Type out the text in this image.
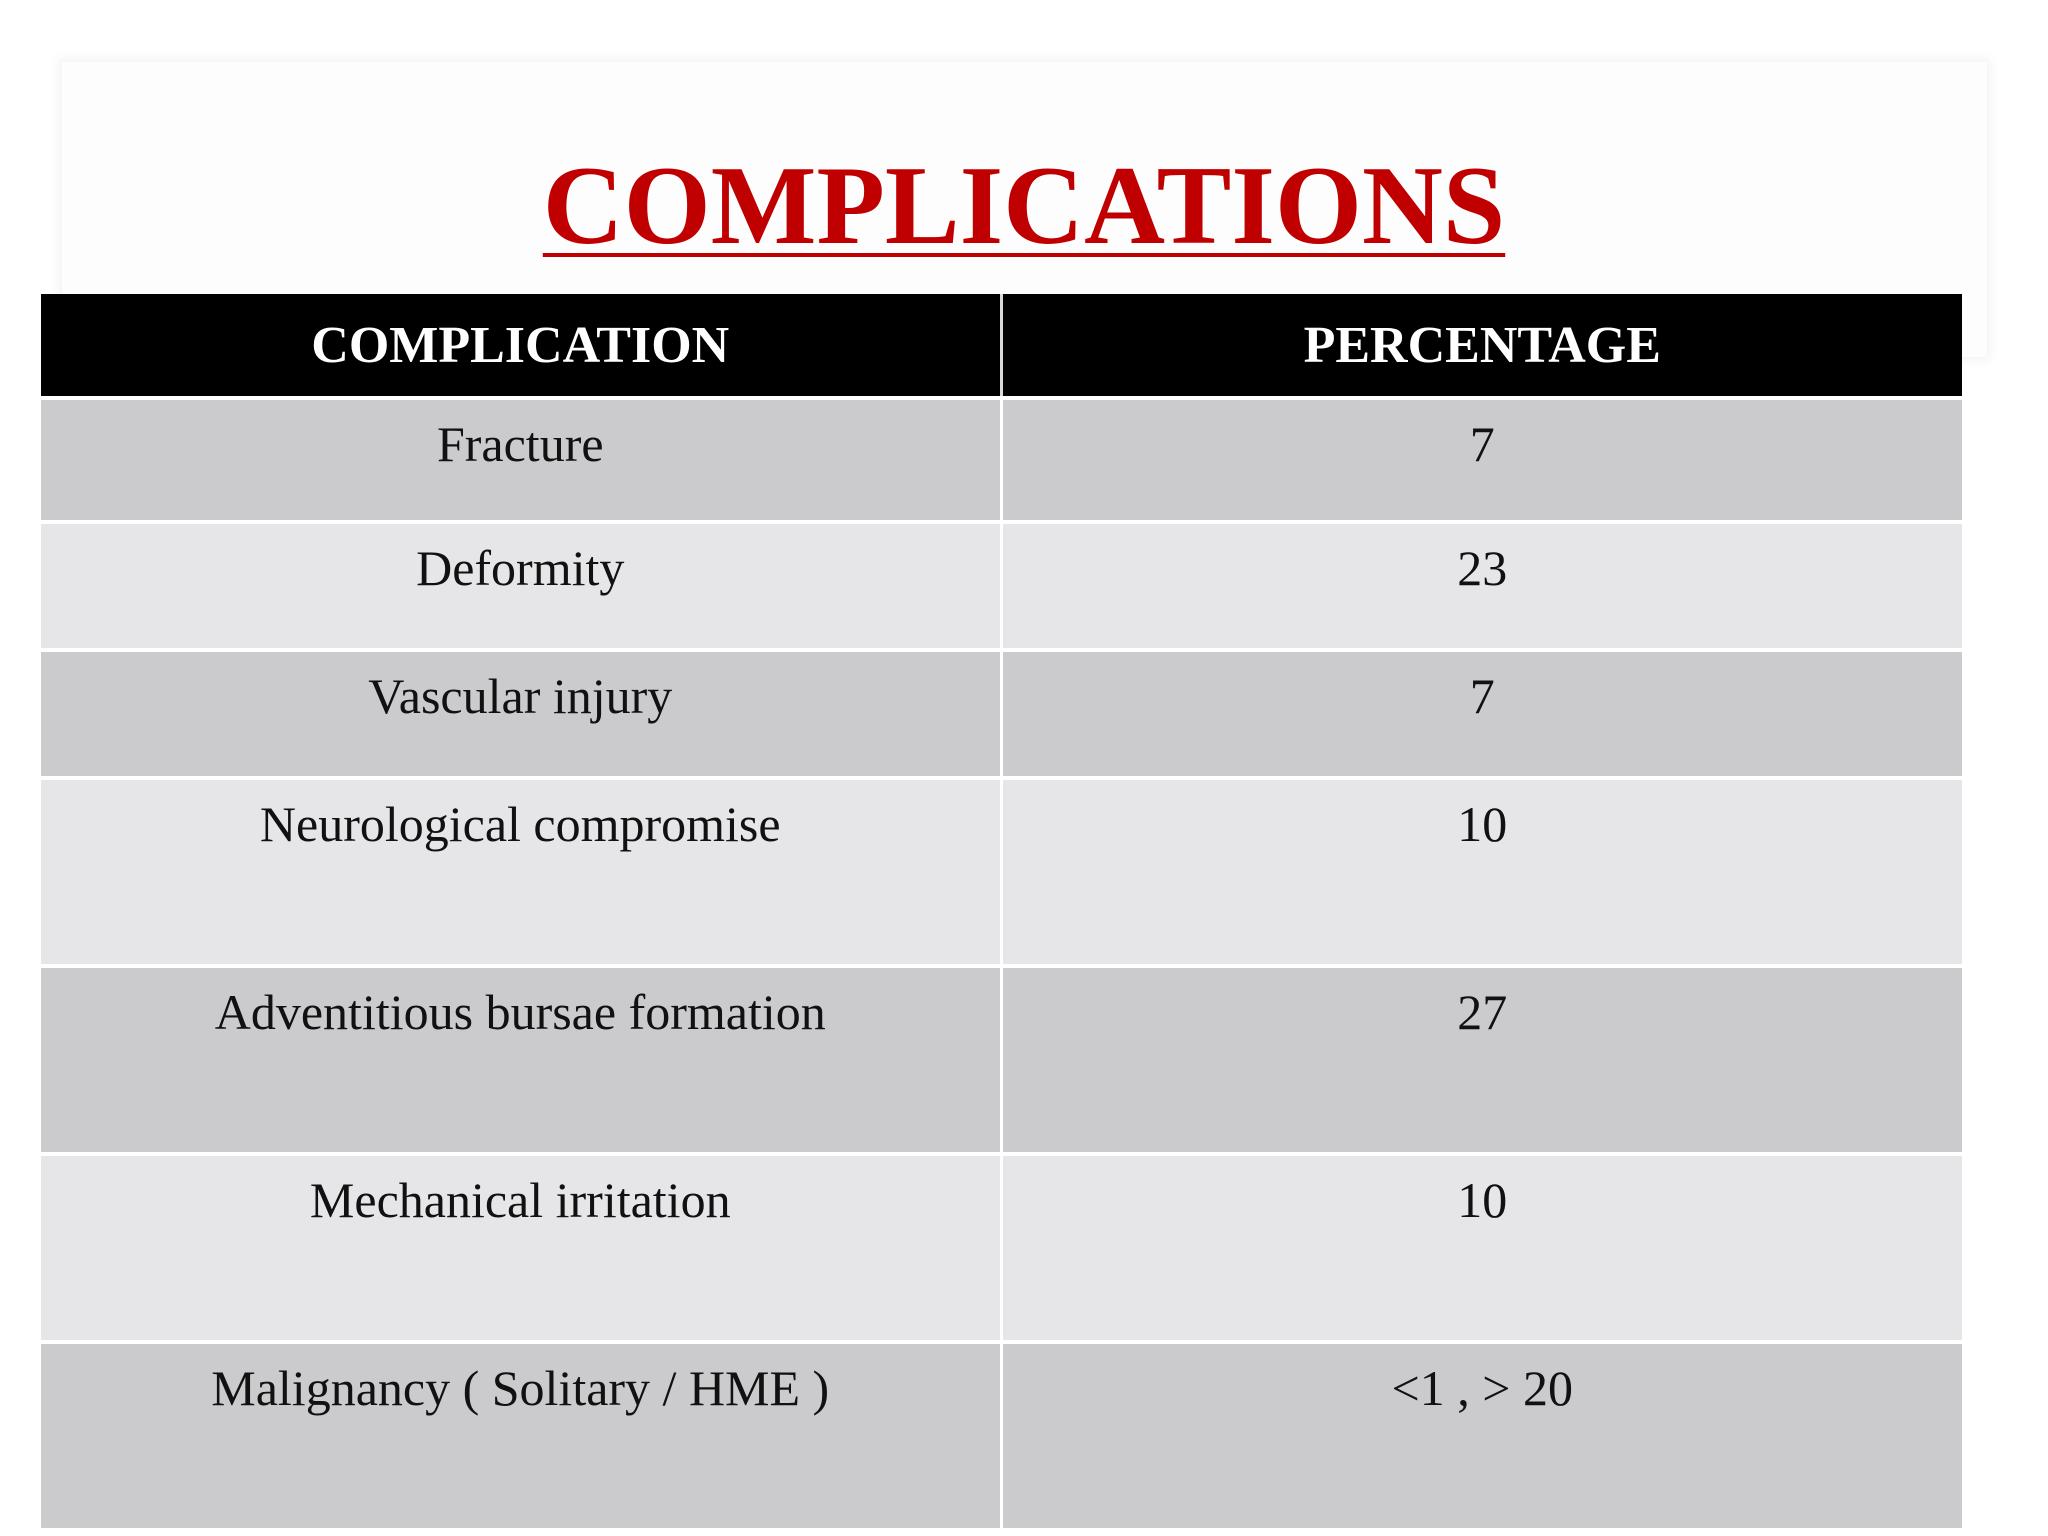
COMPLICATIONS
COMPLICATION	PERCENTAGE
Fracture	7
Deformity	23
Vascular injury	7
Neurological compromise	10
Adventitious bursae formation	27
Mechanical irritation	10
Malignancy ( Solitary / HME )	<1 , > 20
